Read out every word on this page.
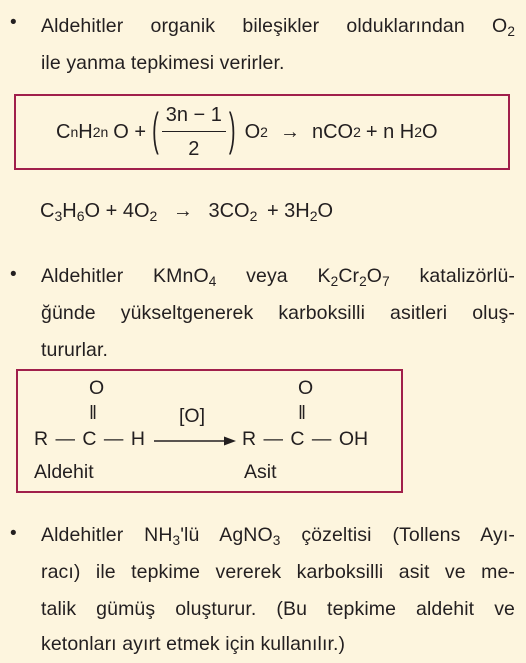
• Aldehitler organik bileşikler olduklarından $O_2$
ile yanma tepkimesi verirler.
C n H 2n O + ( $\frac{3n - 1}{2}$ ) O 2 → nCO 2 + n H 2 O
$C_3H_6O + 4O_2 \to 3CO_2 + 3H_2O$
• Aldehitler KMnO$_4$ veya $K_2Cr_2O_7$ katalizörlü-
ğünde yükseltgenerek karboksilli asitleri oluş-
tururlar.
O
‖
R — C — H
[O]
O
‖
R — C — OH
Aldehit	Asit
• Aldehitler $NH_3'lü$ AgNO$_3$ çözeltisi (Tollens Ayı-
racı) ile tepkime vererek karboksilli asit ve me-
talik gümüş oluşturur. (Bu tepkime aldehit ve
ketonları ayırt etmek için kullanılır.)
